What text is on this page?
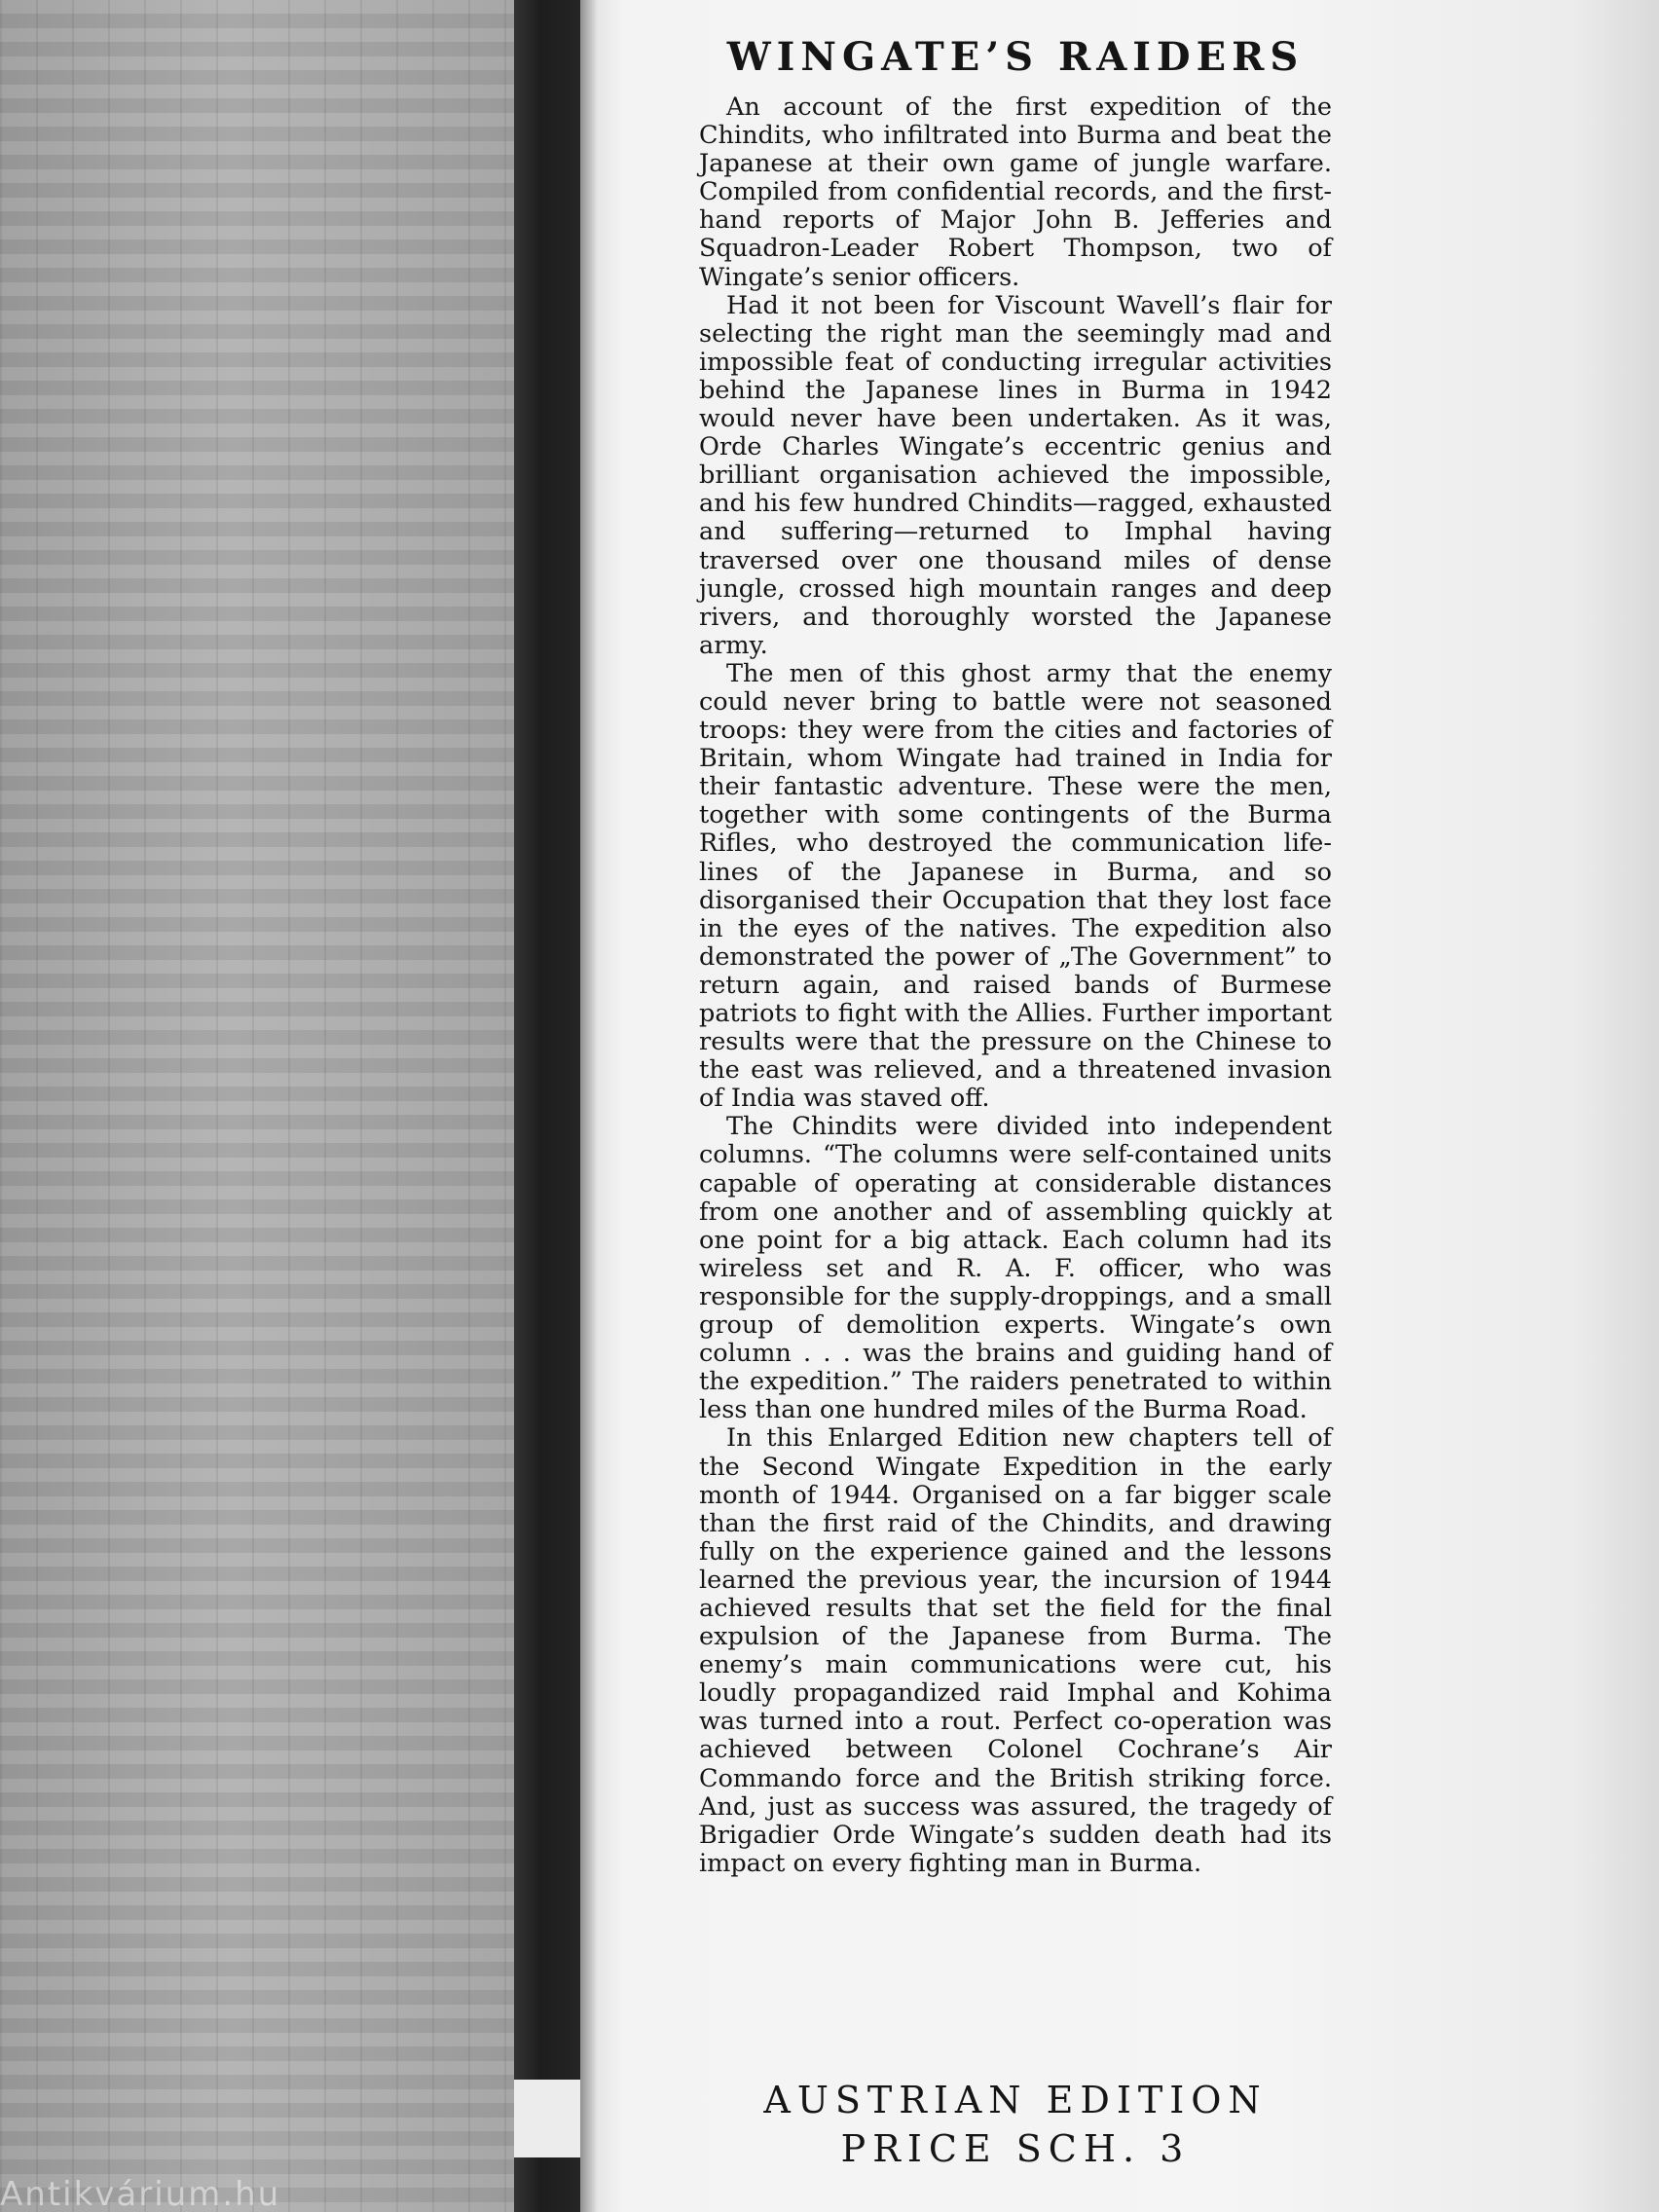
Antikvárium.hu
WINGATE’S RAIDERS

An account of the first expedition of the Chindits, who infiltrated into Burma and beat the Japanese at their own game of jungle warfare. Compiled from confidential records, and the first-hand reports of Major John B. Jefferies and Squadron-Leader Robert Thompson, two of Wingate’s senior officers.

Had it not been for Viscount Wavell’s flair for selecting the right man the seemingly mad and impossible feat of conducting irregular activities behind the Japanese lines in Burma in 1942 would never have been undertaken. As it was, Orde Charles Wingate’s eccentric genius and brilliant organisation achieved the impossible, and his few hundred Chindits—ragged, exhausted and suffering—returned to Imphal having traversed over one thousand miles of dense jungle, crossed high mountain ranges and deep rivers, and thoroughly worsted the Japanese army.

The men of this ghost army that the enemy could never bring to battle were not seasoned troops: they were from the cities and factories of Britain, whom Wingate had trained in India for their fantastic adventure. These were the men, together with some contingents of the Burma Rifles, who destroyed the communication life-lines of the Japanese in Burma, and so disorganised their Occupation that they lost face in the eyes of the natives. The expedition also demonstrated the power of „The Government” to return again, and raised bands of Burmese patriots to fight with the Allies. Further important results were that the pressure on the Chinese to the east was relieved, and a threatened invasion of India was staved off.

The Chindits were divided into independent columns. “The columns were self-contained units capable of operating at considerable distances from one another and of assembling quickly at one point for a big attack. Each column had its wireless set and R. A. F. officer, who was responsible for the supply-droppings, and a small group of demolition experts. Wingate’s own column . . . was the brains and guiding hand of the expedition.” The raiders penetrated to within less than one hundred miles of the Burma Road.

In this Enlarged Edition new chapters tell of the Second Wingate Expedition in the early month of 1944. Organised on a far bigger scale than the first raid of the Chindits, and drawing fully on the experience gained and the lessons learned the previous year, the incursion of 1944 achieved results that set the field for the final expulsion of the Japanese from Burma. The enemy’s main communications were cut, his loudly propagandized raid Imphal and Kohima was turned into a rout. Perfect co-operation was achieved between Colonel Cochrane’s Air Commando force and the British striking force. And, just as success was assured, the tragedy of Brigadier Orde Wingate’s sudden death had its impact on every fighting man in Burma.

AUSTRIAN EDITION
PRICE SCH. 3
